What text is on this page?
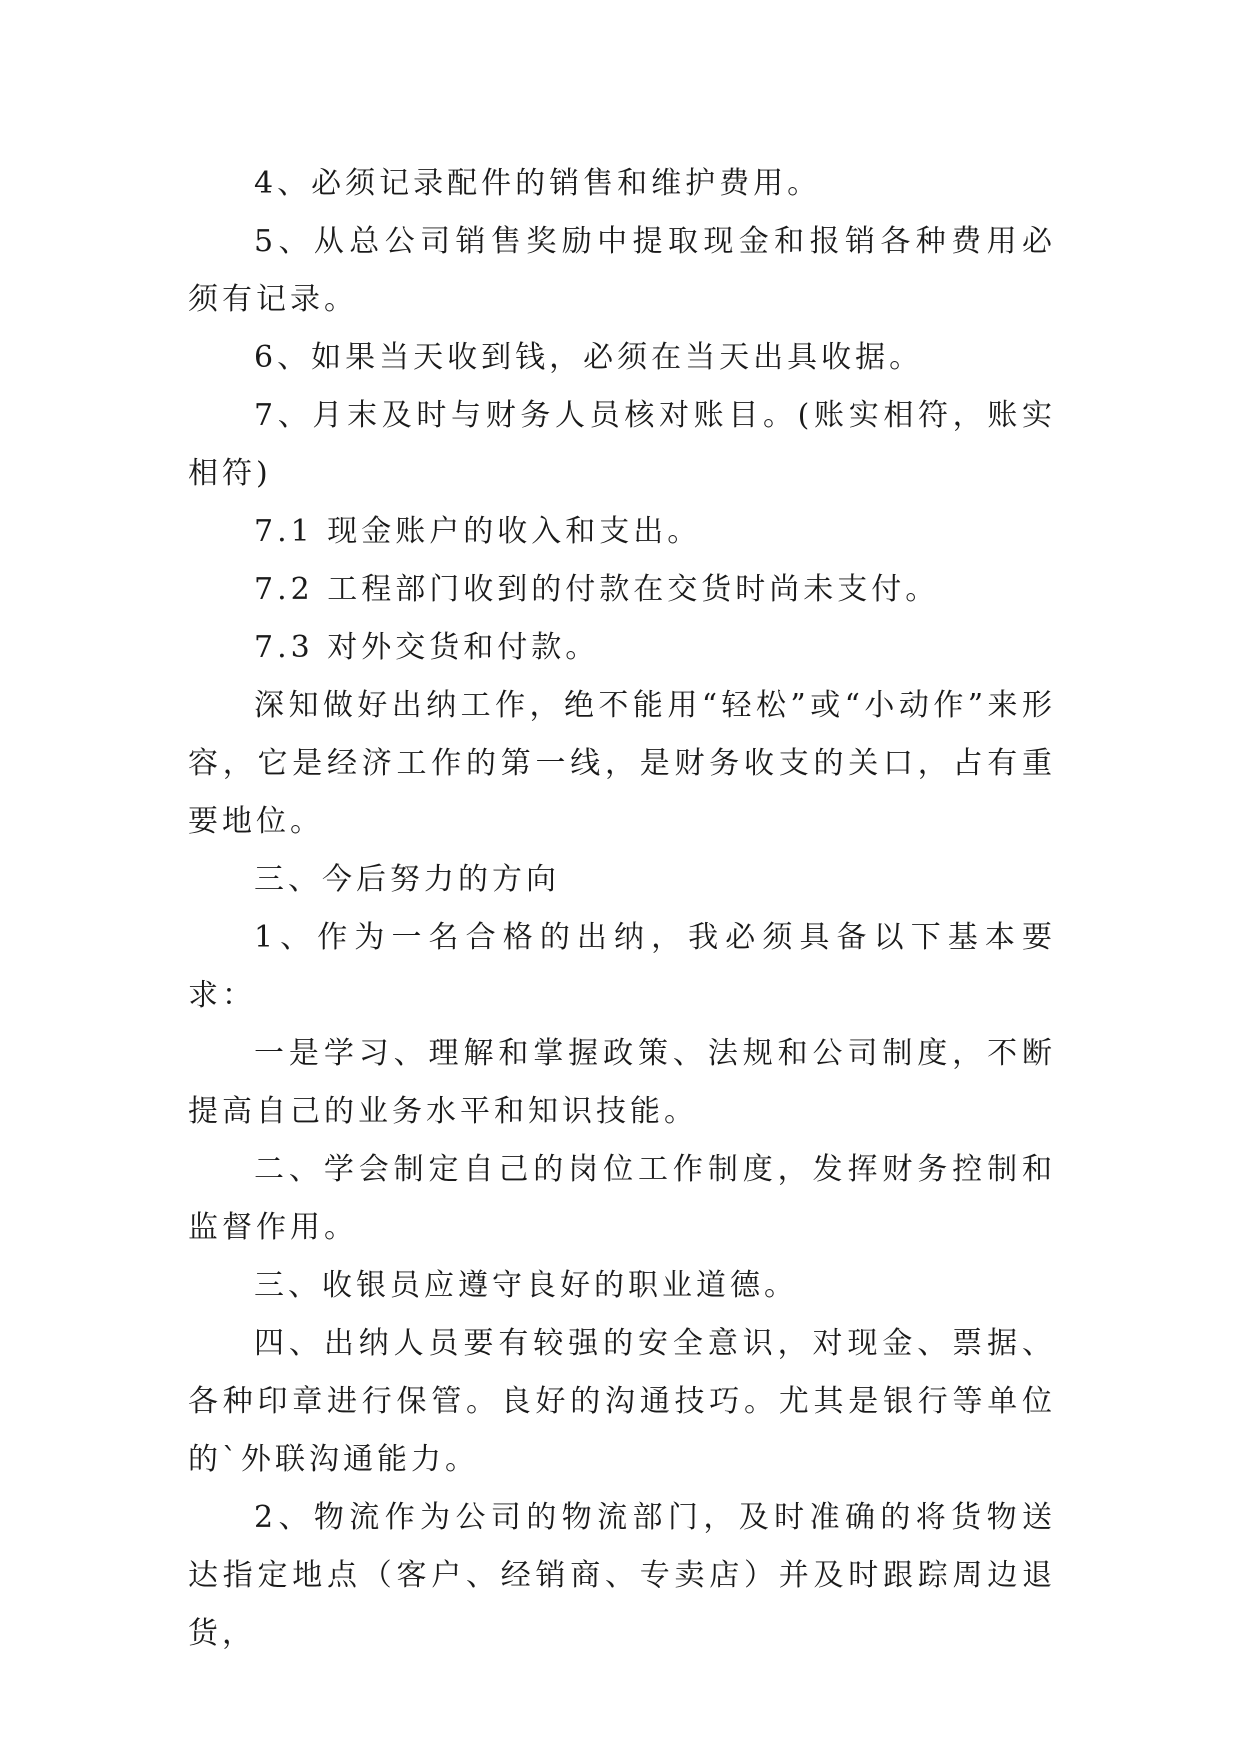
4、必须记录配件的销售和维护费用。

5、从总公司销售奖励中提取现金和报销各种费用必须有记录。

6、如果当天收到钱，必须在当天出具收据。

7、月末及时与财务人员核对账目。(账实相符，账实相符)

7.1 现金账户的收入和支出。

7.2 工程部门收到的付款在交货时尚未支付。

7.3 对外交货和付款。

深知做好出纳工作，绝不能用“轻松”或“小动作”来形容，它是经济工作的第一线，是财务收支的关口，占有重要地位。

三、今后努力的方向

1、作为一名合格的出纳，我必须具备以下基本要求：

一是学习、理解和掌握政策、法规和公司制度，不断提高自己的业务水平和知识技能。

二、学会制定自己的岗位工作制度，发挥财务控制和监督作用。

三、收银员应遵守良好的职业道德。

四、出纳人员要有较强的安全意识，对现金、票据、各种印章进行保管。良好的沟通技巧。尤其是银行等单位的`外联沟通能力。

2、物流作为公司的物流部门，及时准确的将货物送达指定地点（客户、经销商、专卖店）并及时跟踪周边退货，
